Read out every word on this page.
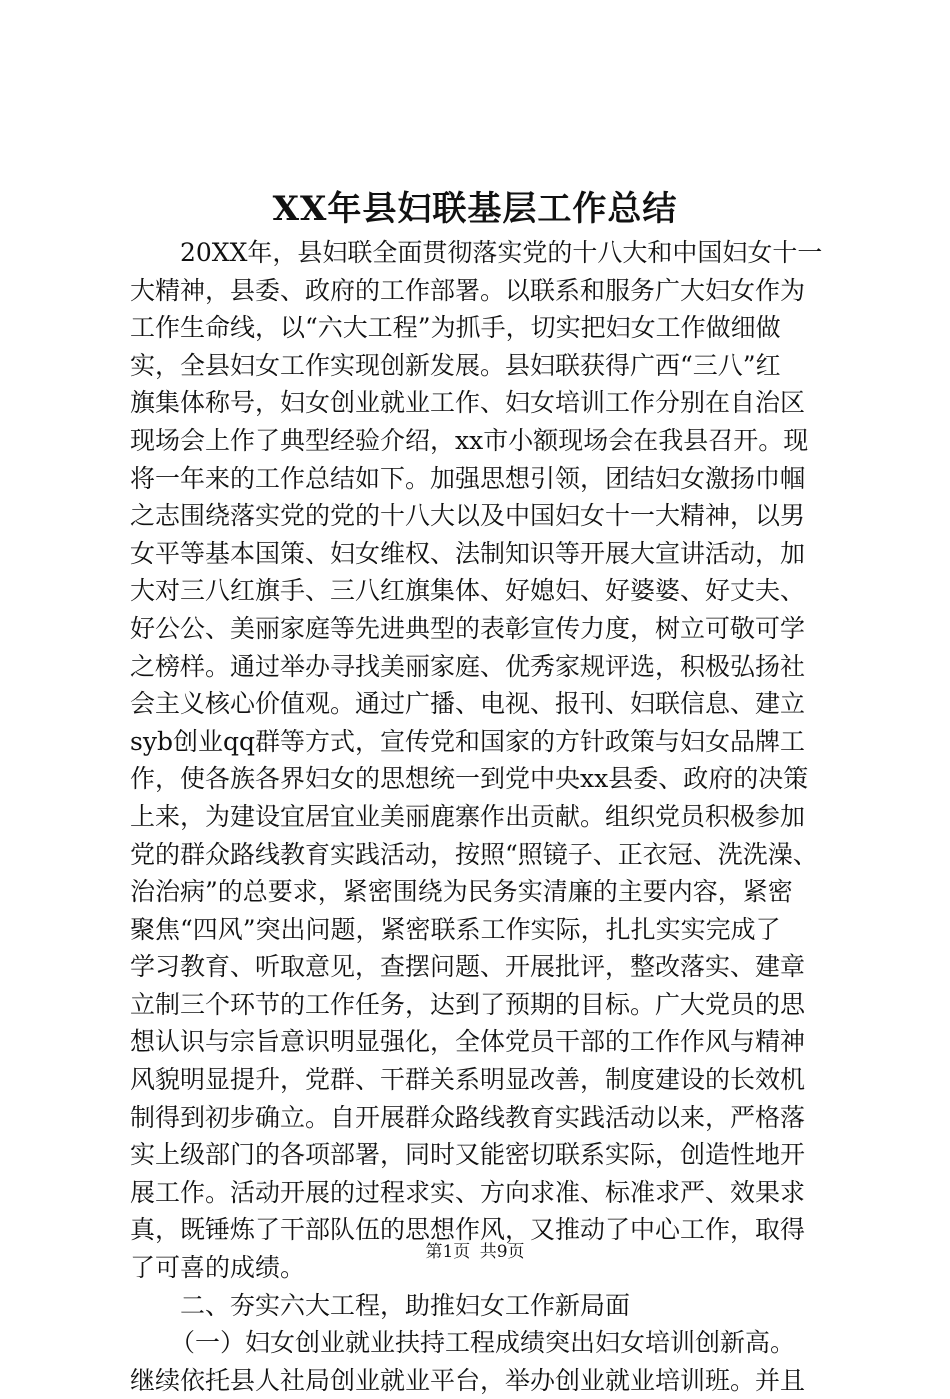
XX年县妇联基层工作总结
20XX年，县妇联全面贯彻落实党的十八大和中国妇女十一
大精神，县委、政府的工作部署。以联系和服务广大妇女作为
工作生命线，以“六大工程”为抓手，切实把妇女工作做细做
实，全县妇女工作实现创新发展。县妇联获得广西“三八”红
旗集体称号，妇女创业就业工作、妇女培训工作分别在自治区
现场会上作了典型经验介绍，xx市小额现场会在我县召开。现
将一年来的工作总结如下。加强思想引领，团结妇女激扬巾帼
之志围绕落实党的党的十八大以及中国妇女十一大精神，以男
女平等基本国策、妇女维权、法制知识等开展大宣讲活动，加
大对三八红旗手、三八红旗集体、好媳妇、好婆婆、好丈夫、
好公公、美丽家庭等先进典型的表彰宣传力度，树立可敬可学
之榜样。通过举办寻找美丽家庭、优秀家规评选，积极弘扬社
会主义核心价值观。通过广播、电视、报刊、妇联信息、建立
syb创业qq群等方式，宣传党和国家的方针政策与妇女品牌工
作，使各族各界妇女的思想统一到党中央xx县委、政府的决策
上来，为建设宜居宜业美丽鹿寨作出贡献。组织党员积极参加
党的群众路线教育实践活动，按照“照镜子、正衣冠、洗洗澡、
治治病”的总要求，紧密围绕为民务实清廉的主要内容，紧密
聚焦“四风”突出问题，紧密联系工作实际，扎扎实实完成了
学习教育、听取意见，查摆问题、开展批评，整改落实、建章
立制三个环节的工作任务，达到了预期的目标。广大党员的思
想认识与宗旨意识明显强化，全体党员干部的工作作风与精神
风貌明显提升，党群、干群关系明显改善，制度建设的长效机
制得到初步确立。自开展群众路线教育实践活动以来，严格落
实上级部门的各项部署，同时又能密切联系实际，创造性地开
展工作。活动开展的过程求实、方向求准、标准求严、效果求
真，既锤炼了干部队伍的思想作风，又推动了中心工作，取得
了可喜的成绩。
二、夯实六大工程，助推妇女工作新局面
（一）妇女创业就业扶持工程成绩突出妇女培训创新高。
继续依托县人社局创业就业平台，举办创业就业培训班。并且
第1页 共9页
